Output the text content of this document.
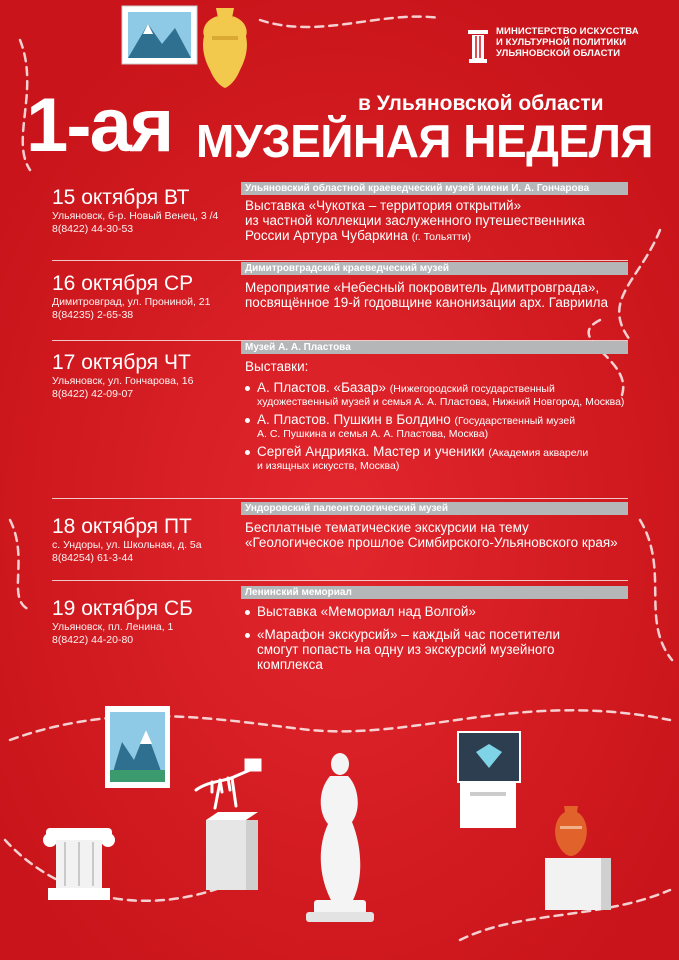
МИНИСТЕРСТВО ИСКУССТВА
И КУЛЬТУРНОЙ ПОЛИТИКИ
УЛЬЯНОВСКОЙ ОБЛАСТИ
в Ульяновской области
1-ая МУЗЕЙНАЯ НЕДЕЛЯ
15 октября ВТ
Ульяновск, б-р. Новый Венец, 3 /4
8(8422) 44-30-53
Ульяновский областной краеведческий музей имени И. А. Гончарова
Выставка «Чукотка – территория открытий»
из частной коллекции заслуженного путешественника
России Артура Чубаркина (г. Тольятти)
16 октября СР
Димитровград, ул. Прониной, 21
8(84235) 2-65-38
Димитровградский краеведческий музей
Мероприятие «Небесный покровитель Димитровграда»,
посвящённое 19-й годовщине канонизации арх. Гавриила
17 октября ЧТ
Ульяновск, ул. Гончарова, 16
8(8422) 42-09-07
Музей А. А. Пластова
Выставки:
А. Пластов. «Базар» (Нижегородский государственный
художественный музей и семья А. А. Пластова, Нижний Новгород, Москва)
А. Пластов. Пушкин в Болдино (Государственный музей
А. С. Пушкина и семья А. А. Пластова, Москва)
Сергей Андрияка. Мастер и ученики (Академия акварели
и изящных искусств, Москва)
18 октября ПТ
с. Ундоры, ул. Школьная, д. 5а
8(84254) 61-3-44
Ундоровский палеонтологический музей
Бесплатные тематические экскурсии на тему
«Геологическое прошлое Симбирского-Ульяновского края»
19 октября СБ
Ульяновск, пл. Ленина, 1
8(8422) 44-20-80
Ленинский мемориал
Выставка «Мемориал над Волгой»
«Марафон экскурсий» – каждый час посетители
смогут попасть на одну из экскурсий музейного
комплекса
